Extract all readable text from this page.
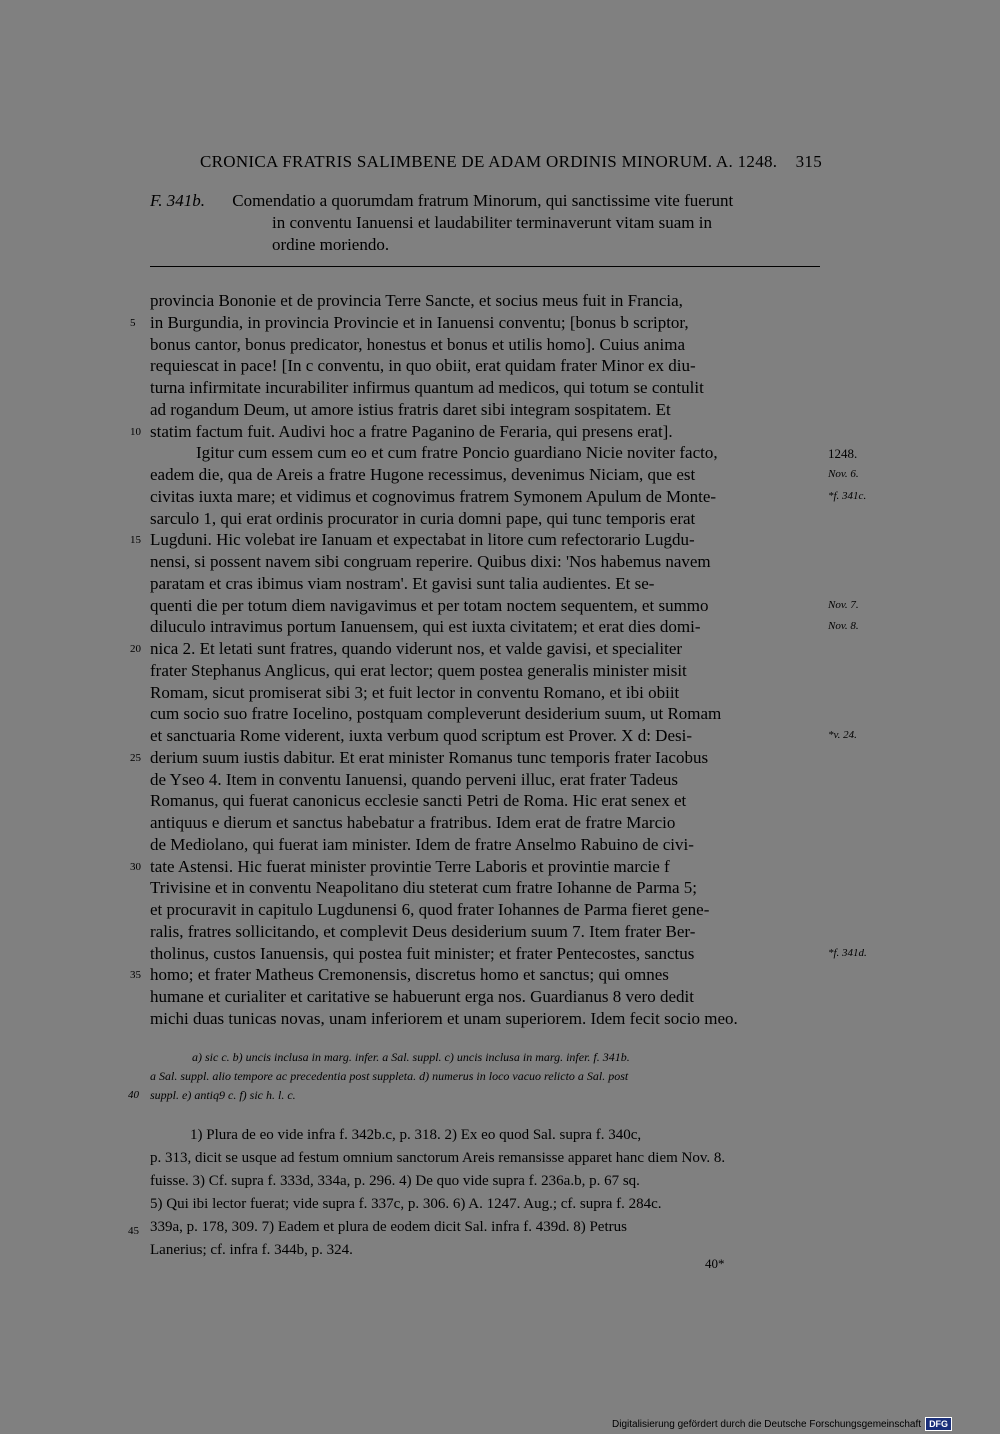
CRONICA FRATRIS SALIMBENE DE ADAM ORDINIS MINORUM. A. 1248. 315
F. 341b. Comendatio a quorumdam fratrum Minorum, qui sanctissime vite fuerunt
in conventu Ianuensi et laudabiliter terminaverunt vitam suam in
ordine moriendo.
provincia Bononie et de provincia Terre Sancte, et socius meus fuit in Francia,
in Burgundia, in provincia Provincie et in Ianuensi conventu; [bonus b scriptor,
bonus cantor, bonus predicator, honestus et bonus et utilis homo]. Cuius anima
requiescat in pace! [In c conventu, in quo obiit, erat quidam frater Minor ex diu-
turna infirmitate incurabiliter infirmus quantum ad medicos, qui totum se contulit
ad rogandum Deum, ut amore istius fratris daret sibi integram sospitatem. Et
statim factum fuit. Audivi hoc a fratre Paganino de Feraria, qui presens erat].
Igitur cum essem cum eo et cum fratre Poncio guardiano Nicie noviter facto,
eadem die, qua de Areis a fratre Hugone recessimus, devenimus Niciam, que est
civitas iuxta mare; et vidimus et cognovimus fratrem Symonem Apulum de Monte-
sarculo 1, qui erat ordinis procurator in curia domni pape, qui tunc temporis erat
Lugduni. Hic volebat ire Ianuam et expectabat in litore cum refectorario Lugdu-
nensi, si possent navem sibi congruam reperire. Quibus dixi: 'Nos habemus navem
paratam et cras ibimus viam nostram'. Et gavisi sunt talia audientes. Et se-
quenti die per totum diem navigavimus et per totam noctem sequentem, et summo
diluculo intravimus portum Ianuensem, qui est iuxta civitatem; et erat dies domi-
nica 2. Et letati sunt fratres, quando viderunt nos, et valde gavisi, et specialiter
frater Stephanus Anglicus, qui erat lector; quem postea generalis minister misit
Romam, sicut promiserat sibi 3; et fuit lector in conventu Romano, et ibi obiit
cum socio suo fratre Iocelino, postquam compleverunt desiderium suum, ut Romam
et sanctuaria Rome viderent, iuxta verbum quod scriptum est Prover. X d: Desi-
derium suum iustis dabitur. Et erat minister Romanus tunc temporis frater Iacobus
de Yseo 4. Item in conventu Ianuensi, quando perveni illuc, erat frater Tadeus
Romanus, qui fuerat canonicus ecclesie sancti Petri de Roma. Hic erat senex et
antiquus e dierum et sanctus habebatur a fratribus. Idem erat de fratre Marcio
de Mediolano, qui fuerat iam minister. Idem de fratre Anselmo Rabuino de civi-
tate Astensi. Hic fuerat minister provintie Terre Laboris et provintie marcie f
Trivisine et in conventu Neapolitano diu steterat cum fratre Iohanne de Parma 5;
et procuravit in capitulo Lugdunensi 6, quod frater Iohannes de Parma fieret gene-
ralis, fratres sollicitando, et complevit Deus desiderium suum 7. Item frater Ber-
tholinus, custos Ianuensis, qui postea fuit minister; et frater Pentecostes, sanctus
homo; et frater Matheus Cremonensis, discretus homo et sanctus; qui omnes
humane et curialiter et caritative se habuerunt erga nos. Guardianus 8 vero dedit
michi duas tunicas novas, unam inferiorem et unam superiorem. Idem fecit socio meo.
5
10
15
20
25
30
35
1248.
Nov. 6.
*f. 341c.
Nov. 7.
Nov. 8.
*v. 24.
*f. 341d.
a) sic c. b) uncis inclusa in marg. infer. a Sal. suppl. c) uncis inclusa in marg. infer. f. 341b.
a Sal. suppl. alio tempore ac precedentia post suppleta. d) numerus in loco vacuo relicto a Sal. post
suppl. e) antiq9 c. f) sic h. l. c.
40
1) Plura de eo vide infra f. 342b.c, p. 318. 2) Ex eo quod Sal. supra f. 340c,
p. 313, dicit se usque ad festum omnium sanctorum Areis remansisse apparet hanc diem Nov. 8.
fuisse. 3) Cf. supra f. 333d, 334a, p. 296. 4) De quo vide supra f. 236a.b, p. 67 sq.
5) Qui ibi lector fuerat; vide supra f. 337c, p. 306. 6) A. 1247. Aug.; cf. supra f. 284c.
339a, p. 178, 309. 7) Eadem et plura de eodem dicit Sal. infra f. 439d. 8) Petrus
Lanerius; cf. infra f. 344b, p. 324.
45
40*
Digitalisierung gefördert durch die Deutsche Forschungsgemeinschaft DFG
